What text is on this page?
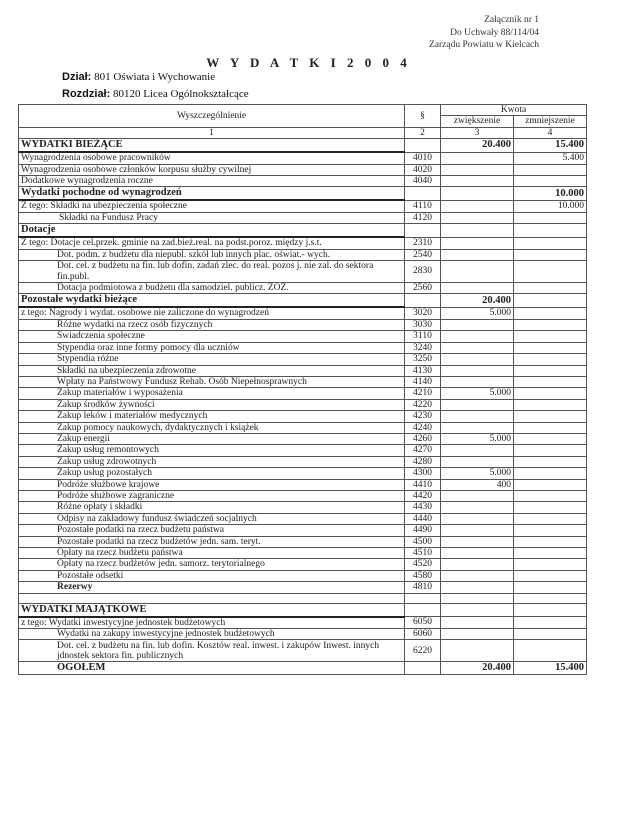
Załącznik nr 1
Do Uchwały 88/114/04
Zarządu Powiatu w Kielcach
W Y D A T K I 2 0 0 4
Dział: 801 Oświata i Wychowanie
Rozdział: 80120 Licea Ogólnokształcące
Wyszczególnienie	§	Kwota	
		zwiększenie	zmniejszenie
1	2	3	4
WYDATKI BIEŻĄCE		20.400	15.400
Wynagrodzenia osobowe pracowników	4010		5.400
Wynagrodzenia osobowe członków korpusu służby cywilnej	4020		
Dodatkowe wynagrodzenia roczne	4040		
Wydatki pochodne od wynagrodzeń			10.000
Z tego: Składki na ubezpieczenia społeczne	4110		10.000
Składki na Fundusz Pracy	4120		
Dotacje			
Z tego: Dotacje cel.przek. gminie na zad.bież.real. na podst.poroz. między j.s.t.	2310		
Dot. podm. z budżetu dla niepubl. szkół lub innych plac. oświat.- wych.	2540		
Dot. cel. z budżetu na fin. lub dofin. zadań zlec. do real. pozos j. nie zal. do sektora fin.publ.	2830		
Dotacja podmiotowa z budżetu dla samodziel. publicz. ZOZ.	2560		
Pozostałe wydatki bieżące		20.400	
z tego: Nagrody i wydat. osobowe nie zaliczone do wynagrodzeń	3020	5.000	
Różne wydatki na rzecz osób fizycznych	3030		
Świadczenia społeczne	3110		
Stypendia oraz inne formy pomocy dla uczniów	3240		
Stypendia różne	3250		
Składki na ubezpieczenia zdrowotne	4130		
Wpłaty na Państwowy Fundusz Rehab. Osób Niepełnosprawnych	4140		
Zakup materiałów i wyposażenia	4210	5.000	
Zakup środków żywności	4220		
Zakup leków i materiałów medycznych	4230		
Zakup pomocy naukowych, dydaktycznych i książek	4240		
Zakup energii	4260	5.000	
Zakup usług remontowych	4270		
Zakup usług zdrowotnych	4280		
Zakup usług pozostałych	4300	5.000	
Podróże służbowe krajowe	4410	400	
Podróże służbowe zagraniczne	4420		
Różne opłaty i składki	4430		
Odpisy na zakładowy fundusz świadczeń socjalnych	4440		
Pozostałe podatki na rzecz budżetu państwa	4490		
Pozostałe podatki na rzecz budżetów jedn. sam. teryt.	4500		
Opłaty na rzecz budżetu państwa	4510		
Opłaty na rzecz budżetów jedn. samorz. terytorialnego	4520		
Pozostałe odsetki	4580		
Rezerwy	4810		

WYDATKI MAJĄTKOWE			
z tego: Wydatki inwestycyjne jednostek budżetowych	6050		
Wydatki na zakupy inwestycyjne jednostek budżetowych	6060		
Dot. cel. z budżetu na fin. lub dofin. Kosztów real. inwest. i zakupów Inwest. innych jdnostek sektora fin. publicznych	6220		
OGÓŁEM		20.400	15.400
